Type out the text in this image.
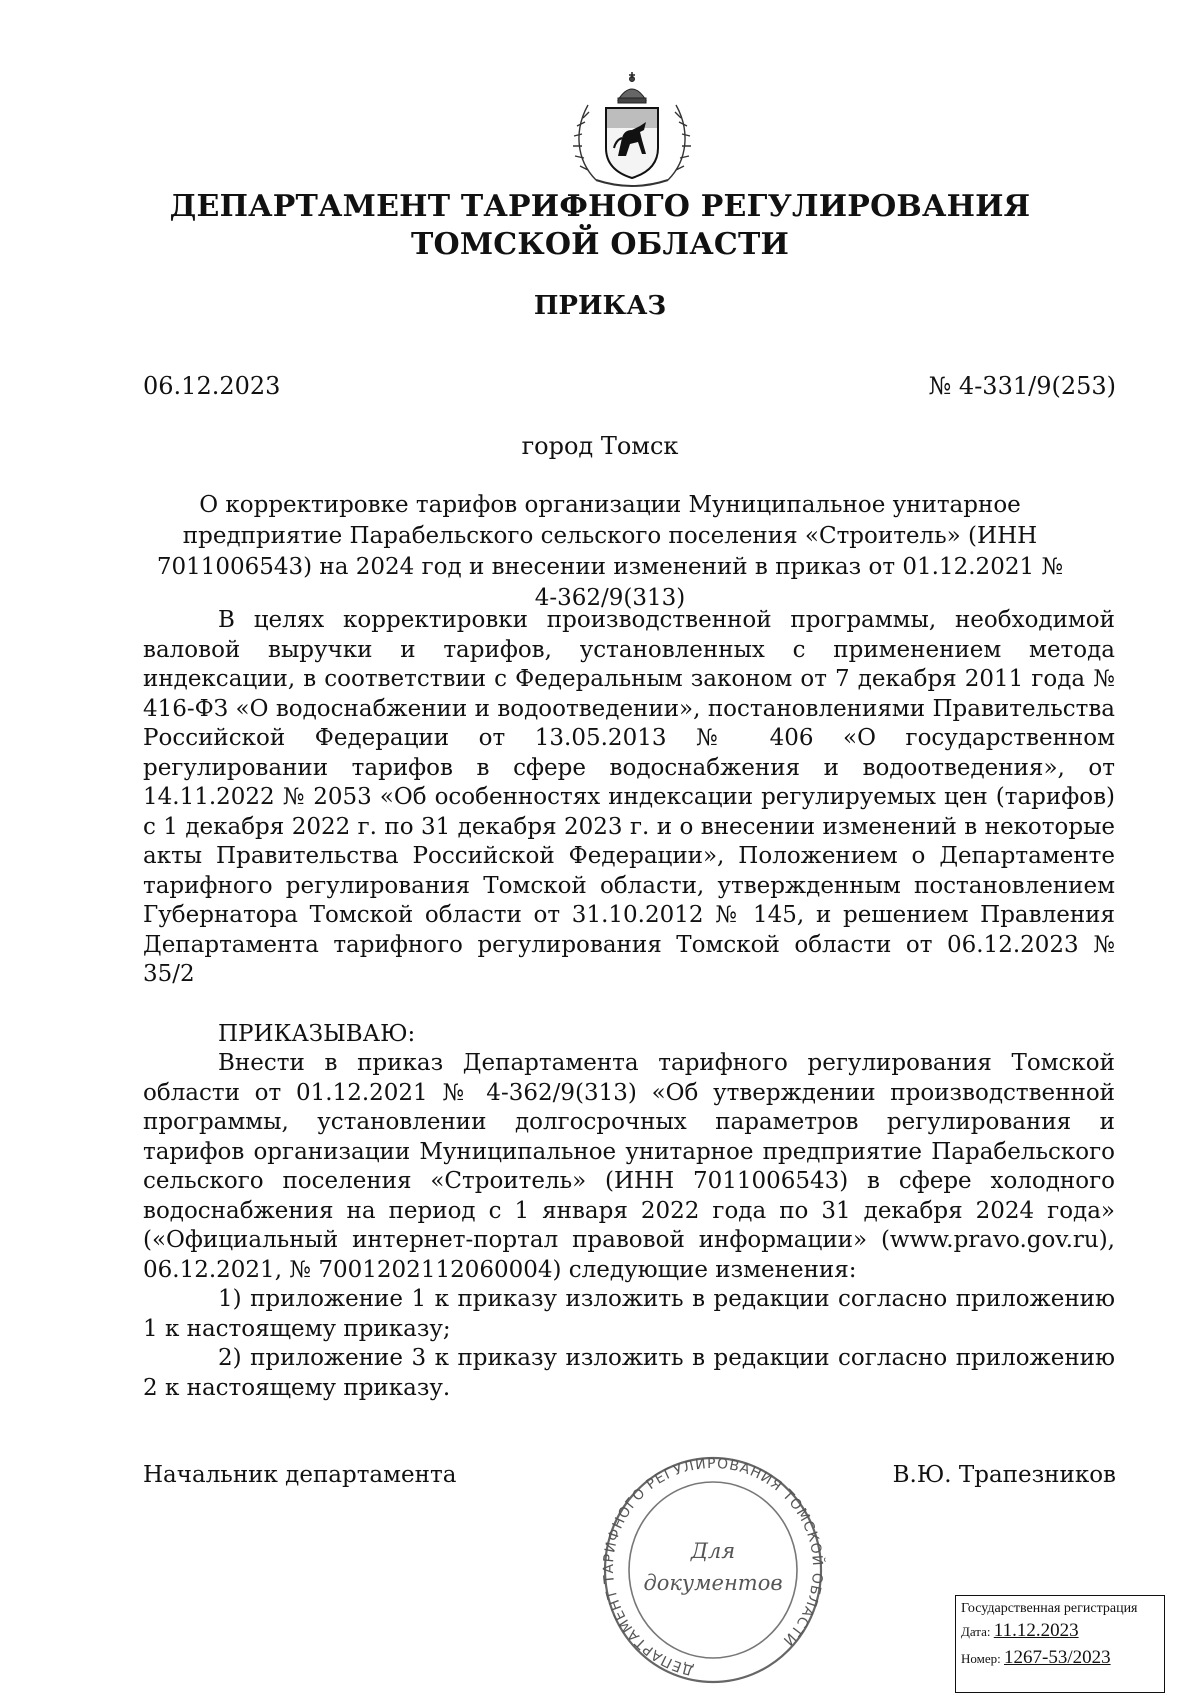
ДЕПАРТАМЕНТ ТАРИФНОГО РЕГУЛИРОВАНИЯ
ТОМСКОЙ ОБЛАСТИ
ПРИКАЗ
06.12.2023	№ 4-331/9(253)
город Томск
О корректировке тарифов организации Муниципальное унитарное предприятие Парабельского сельского поселения «Строитель» (ИНН 7011006543) на 2024 год и внесении изменений в приказ от 01.12.2021 № 4-362/9(313)

В целях корректировки производственной программы, необходимой валовой выручки и тарифов, установленных с применением метода индексации, в соответствии с Федеральным законом от 7 декабря 2011 года № 416-ФЗ «О водоснабжении и водоотведении», постановлениями Правительства Российской Федерации от 13.05.2013 № 406 «О государственном регулировании тарифов в сфере водоснабжения и водоотведения», от 14.11.2022 № 2053 «Об особенностях индексации регулируемых цен (тарифов) с 1 декабря 2022 г. по 31 декабря 2023 г. и о внесении изменений в некоторые акты Правительства Российской Федерации», Положением о Департаменте тарифного регулирования Томской области, утвержденным постановлением Губернатора Томской области от 31.10.2012 № 145, и решением Правления Департамента тарифного регулирования Томской области от 06.12.2023 № 35/2

ПРИКАЗЫВАЮ:

Внести в приказ Департамента тарифного регулирования Томской области от 01.12.2021 № 4-362/9(313) «Об утверждении производственной программы, установлении долгосрочных параметров регулирования и тарифов организации Муниципальное унитарное предприятие Парабельского сельского поселения «Строитель» (ИНН 7011006543) в сфере холодного водоснабжения на период с 1 января 2022 года по 31 декабря 2024 года» («Официальный интернет-портал правовой информации» (www.pravo.gov.ru), 06.12.2021, № 7001202112060004) следующие изменения:

1) приложение 1 к приказу изложить в редакции согласно приложению 1 к настоящему приказу;

2) приложение 3 к приказу изложить в редакции согласно приложению 2 к настоящему приказу.

Начальник департамента	В.Ю. Трапезников
ДЕПАРТАМЕНТ ТАРИФНОГО РЕГУЛИРОВАНИЯ ТОМСКОЙ ОБЛАСТИ
Для
документов
Государственная регистрация
Дата: 11.12.2023
Номер: 1267-53/2023
